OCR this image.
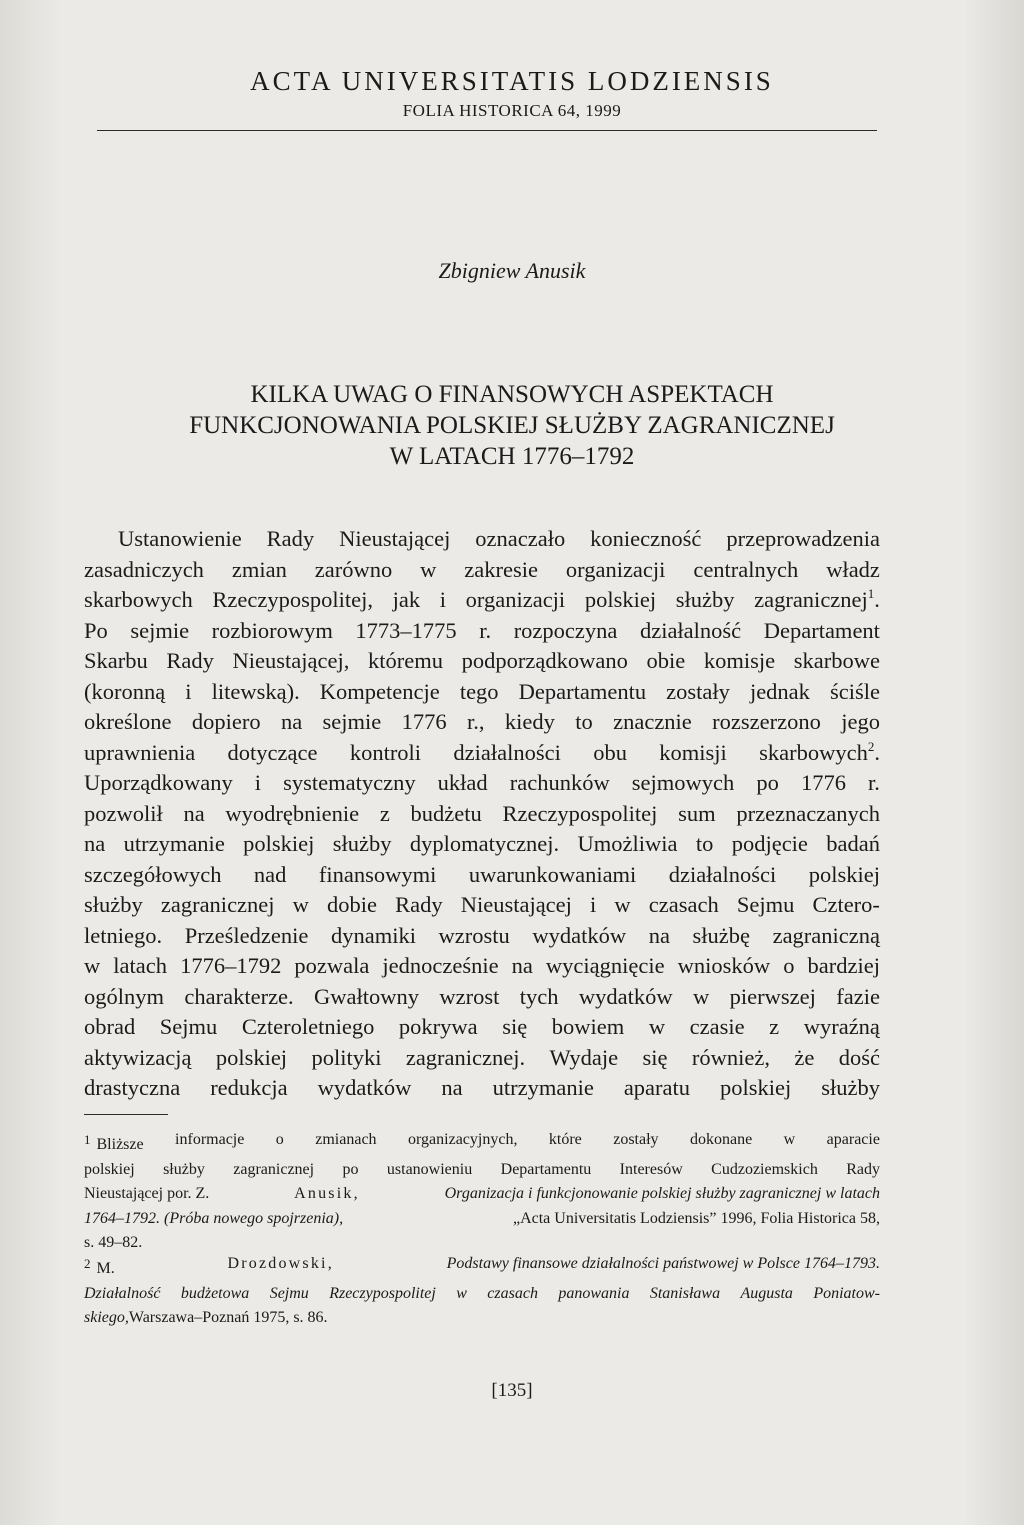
ACTA UNIVERSITATIS LODZIENSIS
FOLIA HISTORICA 64, 1999
Zbigniew Anusik
KILKA UWAG O FINANSOWYCH ASPEKTACH
FUNKCJONOWANIA POLSKIEJ SŁUŻBY ZAGRANICZNEJ
W LATACH 1776–1792
Ustanowienie Rady Nieustającej oznaczało konieczność przeprowadzenia
zasadniczych zmian zarówno w zakresie organizacji centralnych władz
skarbowych Rzeczypospolitej, jak i organizacji polskiej służby zagranicznej$^1$.
Po sejmie rozbiorowym 1773–1775 r. rozpoczyna działalność Departament
Skarbu Rady Nieustającej, któremu podporządkowano obie komisje skarbowe
(koronną i litewską). Kompetencje tego Departamentu zostały jednak ściśle
określone dopiero na sejmie 1776 r., kiedy to znacznie rozszerzono jego
uprawnienia dotyczące kontroli działalności obu komisji skarbowych$^2$.
Uporządkowany i systematyczny układ rachunków sejmowych po 1776 r.
pozwolił na wyodrębnienie z budżetu Rzeczypospolitej sum przeznaczanych
na utrzymanie polskiej służby dyplomatycznej. Umożliwia to podjęcie badań
szczegółowych nad finansowymi uwarunkowaniami działalności polskiej
służby zagranicznej w dobie Rady Nieustającej i w czasach Sejmu Cztero-
letniego. Prześledzenie dynamiki wzrostu wydatków na służbę zagraniczną
w latach 1776–1792 pozwala jednocześnie na wyciągnięcie wniosków o bardziej
ogólnym charakterze. Gwałtowny wzrost tych wydatków w pierwszej fazie
obrad Sejmu Czteroletniego pokrywa się bowiem w czasie z wyraźną
aktywizacją polskiej polityki zagranicznej. Wydaje się również, że dość
drastyczna redukcja wydatków na utrzymanie aparatu polskiej służby
$^1$ Bliższe informacje o zmianach organizacyjnych, które zostały dokonane w aparacie
polskiej służby zagranicznej po ustanowieniu Departamentu Interesów Cudzoziemskich Rady
Nieustającej por. Z.	Anusik,	Organizacja i funkcjonowanie polskiej służby zagranicznej w latach
1764–1792. (Próba nowego spojrzenia),	„Acta Universitatis Lodziensis” 1996, Folia Historica 58,
s. 49–82.
$^2$ M.	Drozdowski,	Podstawy finansowe działalności państwowej w Polsce 1764–1793.
Działalność budżetowa Sejmu Rzeczypospolitej w czasach panowania Stanisława Augusta Poniatow-
skiego, Warszawa–Poznań 1975, s. 86.
[135]
